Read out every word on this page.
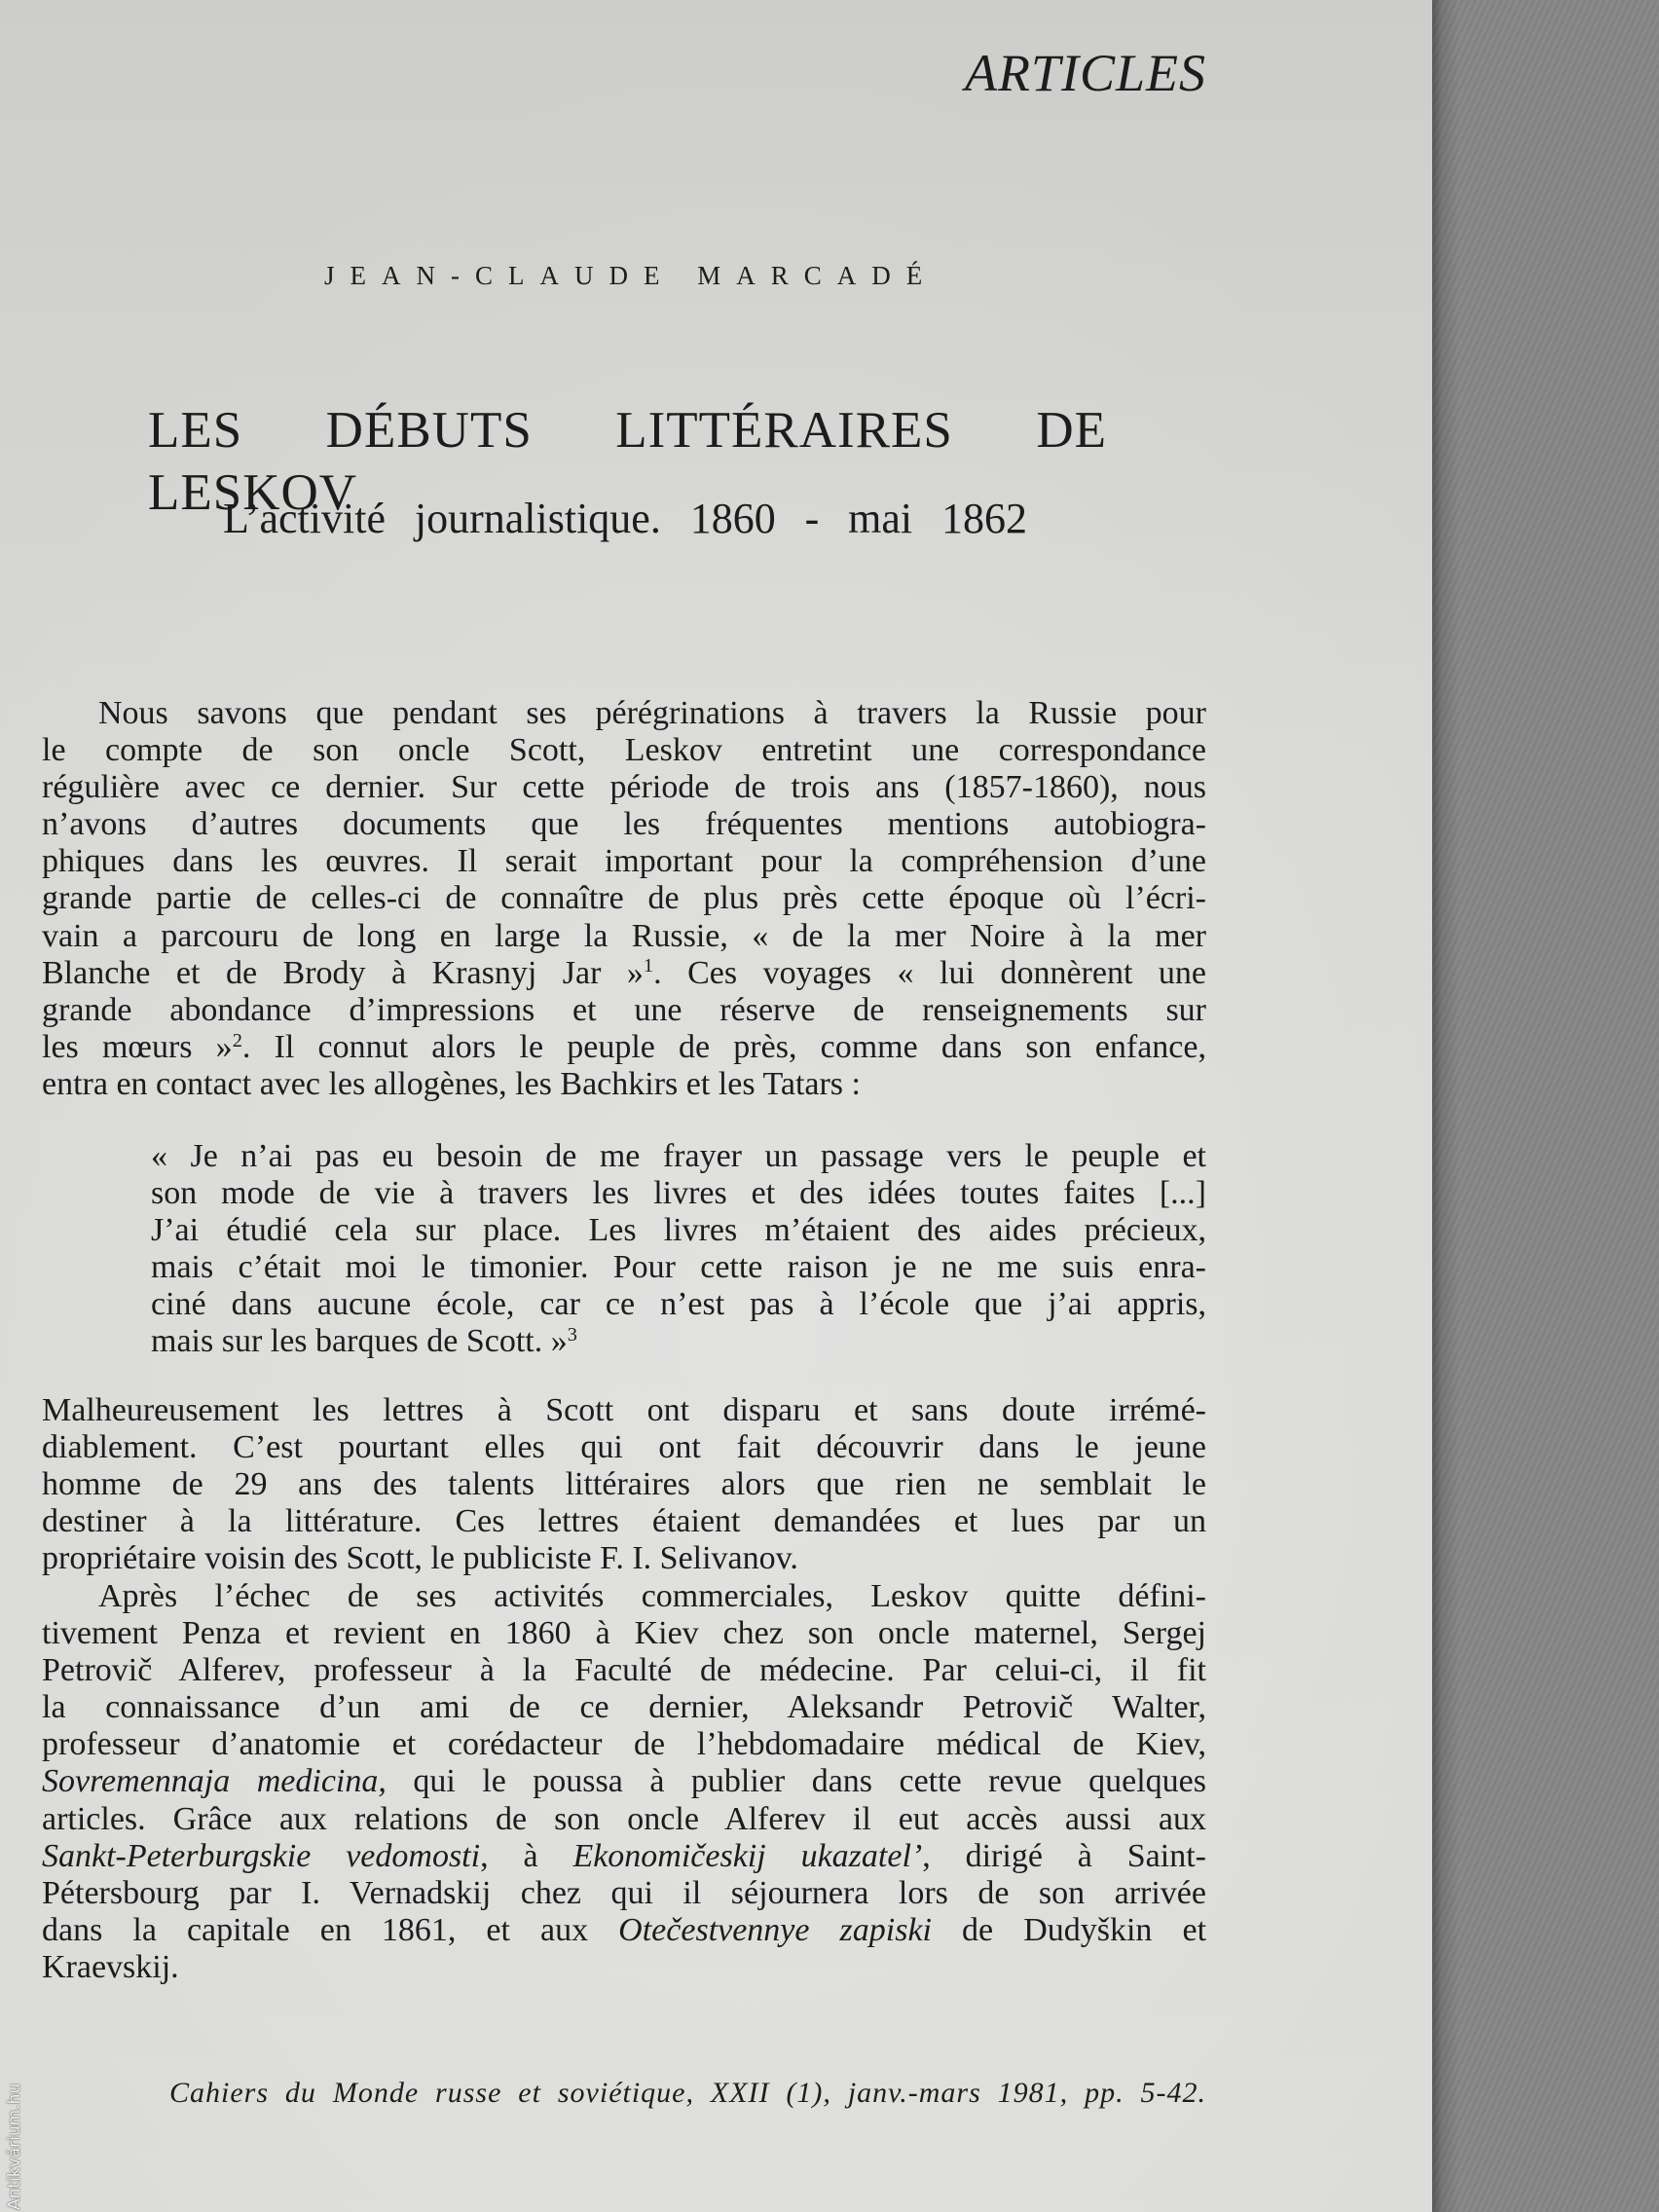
ARTICLES
JEAN-CLAUDE MARCADÉ
LES DÉBUTS LITTÉRAIRES DE LESKOV
L’activité journalistique. 1860 - mai 1862
Nous savons que pendant ses pérégrinations à travers la Russie pour
le compte de son oncle Scott, Leskov entretint une correspondance
régulière avec ce dernier. Sur cette période de trois ans (1857-1860), nous
n’avons d’autres documents que les fréquentes mentions autobiogra-
phiques dans les œuvres. Il serait important pour la compréhension d’une
grande partie de celles-ci de connaître de plus près cette époque où l’écri-
vain a parcouru de long en large la Russie, « de la mer Noire à la mer
Blanche et de Brody à Krasnyj Jar »$^1$. Ces voyages « lui donnèrent une
grande abondance d’impressions et une réserve de renseignements sur
les mœurs »$^2$. Il connut alors le peuple de près, comme dans son enfance,
entra en contact avec les allogènes, les Bachkirs et les Tatars :
« Je n’ai pas eu besoin de me frayer un passage vers le peuple et
son mode de vie à travers les livres et des idées toutes faites [...]
J’ai étudié cela sur place. Les livres m’étaient des aides précieux,
mais c’était moi le timonier. Pour cette raison je ne me suis enra-
ciné dans aucune école, car ce n’est pas à l’école que j’ai appris,
mais sur les barques de Scott. »$^3$
Malheureusement les lettres à Scott ont disparu et sans doute irrémé-
diablement. C’est pourtant elles qui ont fait découvrir dans le jeune
homme de 29 ans des talents littéraires alors que rien ne semblait le
destiner à la littérature. Ces lettres étaient demandées et lues par un
propriétaire voisin des Scott, le publiciste F. I. Selivanov.
Après l’échec de ses activités commerciales, Leskov quitte défini-
tivement Penza et revient en 1860 à Kiev chez son oncle maternel, Sergej
Petrovič Alferev, professeur à la Faculté de médecine. Par celui-ci, il fit
la connaissance d’un ami de ce dernier, Aleksandr Petrovič Walter,
professeur d’anatomie et corédacteur de l’hebdomadaire médical de Kiev,
Sovremennaja medicina, qui le poussa à publier dans cette revue quelques
articles. Grâce aux relations de son oncle Alferev il eut accès aussi aux
Sankt-Peterburgskie vedomosti, à Ekonomičeskij ukazatel’, dirigé à Saint-
Pétersbourg par I. Vernadskij chez qui il séjournera lors de son arrivée
dans la capitale en 1861, et aux Otečestvennye zapiski de Dudyškin et
Kraevskij.
Cahiers du Monde russe et soviétique, XXII (1), janv.-mars 1981, pp. 5-42.
Antikvárium.hu
